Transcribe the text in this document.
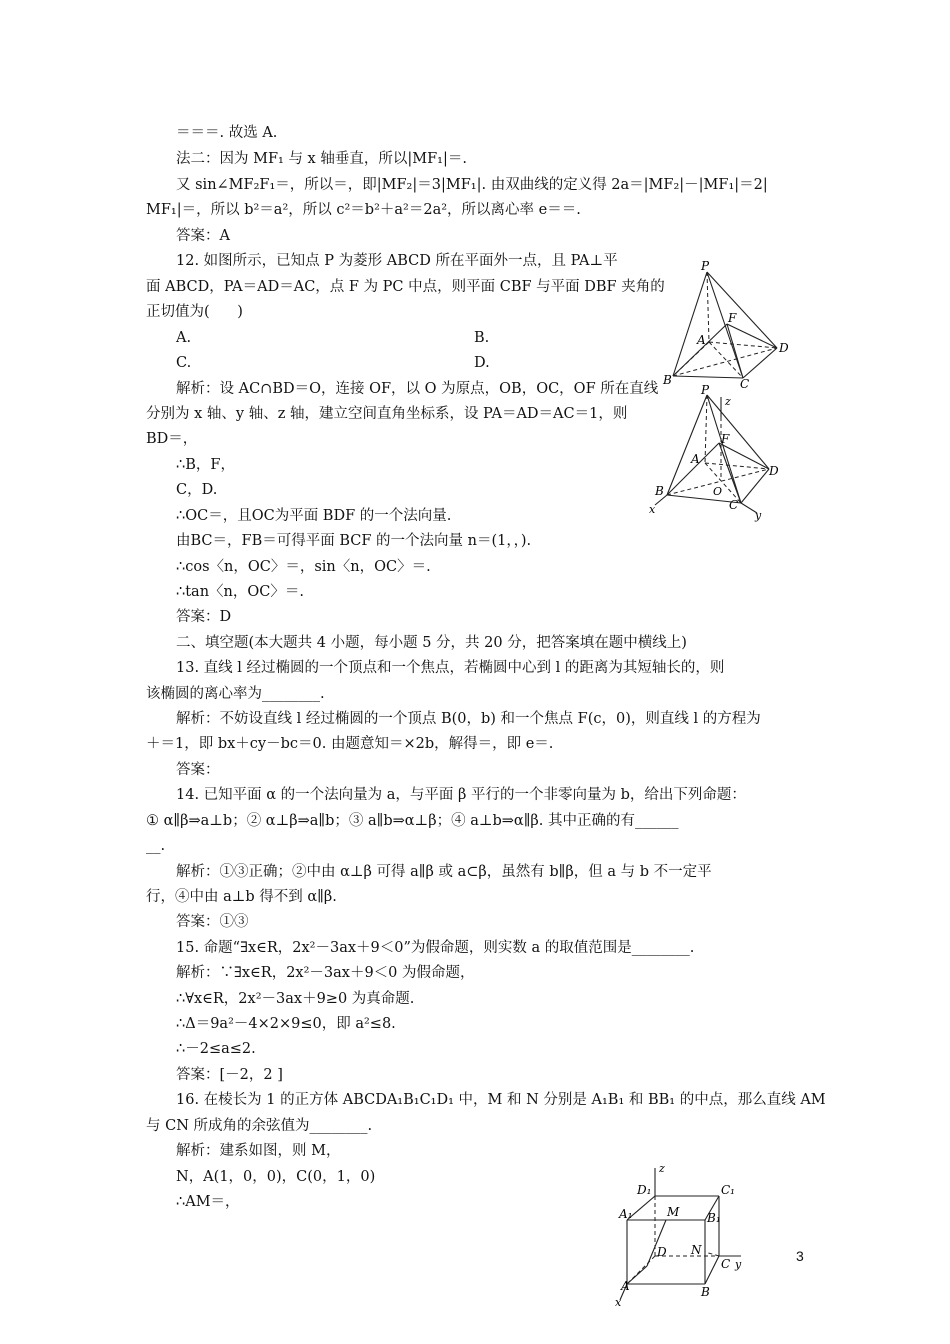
＝＝＝. 故选 A.
法二：因为 MF₁ 与 x 轴垂直，所以|MF₁|＝.
又 sin∠MF₂F₁＝，所以＝，即|MF₂|＝3|MF₁|. 由双曲线的定义得 2a＝|MF₂|－|MF₁|＝2|
MF₁|＝，所以 b²＝a²，所以 c²＝b²＋a²＝2a²，所以离心率 e＝＝.
答案：A
12. 如图所示，已知点 P 为菱形 ABCD 所在平面外一点，且 PA⊥平
面 ABCD，PA＝AD＝AC，点 F 为 PC 中点，则平面 CBF 与平面 DBF 夹角的
正切值为(      )
A.	B.
C.	D.
解析：设 AC∩BD＝O，连接 OF，以 O 为原点，OB，OC，OF 所在直线
分别为 x 轴、y 轴、z 轴，建立空间直角坐标系，设 PA＝AD＝AC＝1，则
BD＝，
∴B，F，
C，D.
∴OC＝，且OC为平面 BDF 的一个法向量.
由BC＝，FB＝可得平面 BCF 的一个法向量 n＝(1，，).
∴cos〈n，OC〉＝，sin〈n，OC〉＝.
∴tan〈n，OC〉＝.
答案：D
二、填空题(本大题共 4 小题，每小题 5 分，共 20 分，把答案填在题中横线上)
13. 直线 l 经过椭圆的一个顶点和一个焦点，若椭圆中心到 l 的距离为其短轴长的，则
该椭圆的离心率为________.
解析：不妨设直线 l 经过椭圆的一个顶点 B(0，b) 和一个焦点 F(c，0)，则直线 l 的方程为
＋＝1，即 bx＋cy－bc＝0. 由题意知＝×2b，解得＝，即 e＝.
答案：
14. 已知平面 α 的一个法向量为 a，与平面 β 平行的一个非零向量为 b，给出下列命题：
① α∥β⇒a⊥b；② α⊥β⇒a∥b；③ a∥b⇒α⊥β；④ a⊥b⇒α∥β. 其中正确的有______
__.
解析：①③正确；②中由 α⊥β 可得 a∥β 或 a⊂β，虽然有 b∥β，但 a 与 b 不一定平
行，④中由 a⊥b 得不到 α∥β.
答案：①③
15. 命题“∃x∈R，2x²－3ax＋9＜0”为假命题，则实数 a 的取值范围是________.
解析：∵∃x∈R，2x²－3ax＋9＜0 为假命题，
∴∀x∈R，2x²－3ax＋9≥0 为真命题.
∴Δ＝9a²－4×2×9≤0，即 a²≤8.
∴－2≤a≤2.
答案：[－2，2 ]
16. 在棱长为 1 的正方体 ABCDA₁B₁C₁D₁ 中，M 和 N 分别是 A₁B₁ 和 BB₁ 的中点，那么直线 AM
与 CN 所成角的余弦值为________.
解析：建系如图，则 M，
N，A(1，0，0)，C(0，1，0)
∴AM＝，
P
F
A
D
B	C
P
z
F
A
D
O
B
C
x	y
z
D₁	C₁
A₁	M B₁
D N
C y
A	B
x
3
